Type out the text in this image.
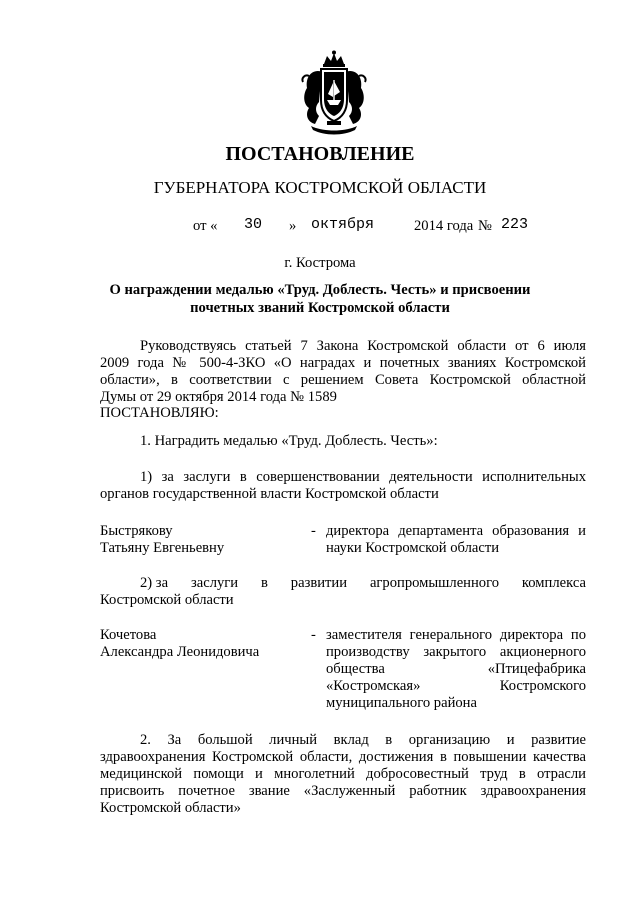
ПОСТАНОВЛЕНИЕ
ГУБЕРНАТОРА КОСТРОМСКОЙ ОБЛАСТИ
от « 30 » октября	2014 года № 223
г. Кострома
О награждении медалью «Труд. Доблесть. Честь» и присвоении
почетных званий Костромской области
Руководствуясь статьей 7 Закона Костромской области от 6 июля
2009 года № 500-4-ЗКО «О наградах и почетных званиях Костромской
области», в соответствии с решением Совета Костромской областной
Думы от 29 октября 2014 года № 1589
ПОСТАНОВЛЯЮ:
1. Наградить медалью «Труд. Доблесть. Честь»:
1) за заслуги в совершенствовании деятельности исполнительных
органов государственной власти Костромской области
Быстрякову
Татьяну Евгеньевну
- директора департамента образования и
науки Костромской области
2) за заслуги в развитии агропромышленного комплекса
Костромской области
Кочетова
Александра Леонидовича
- заместителя генерального директора по
производству закрытого акционерного
общества «Птицефабрика
«Костромская» Костромского
муниципального района
2. За большой личный вклад в организацию и развитие
здравоохранения Костромской области, достижения в повышении качества
медицинской помощи и многолетний добросовестный труд в отрасли
присвоить почетное звание «Заслуженный работник здравоохранения
Костромской области»
